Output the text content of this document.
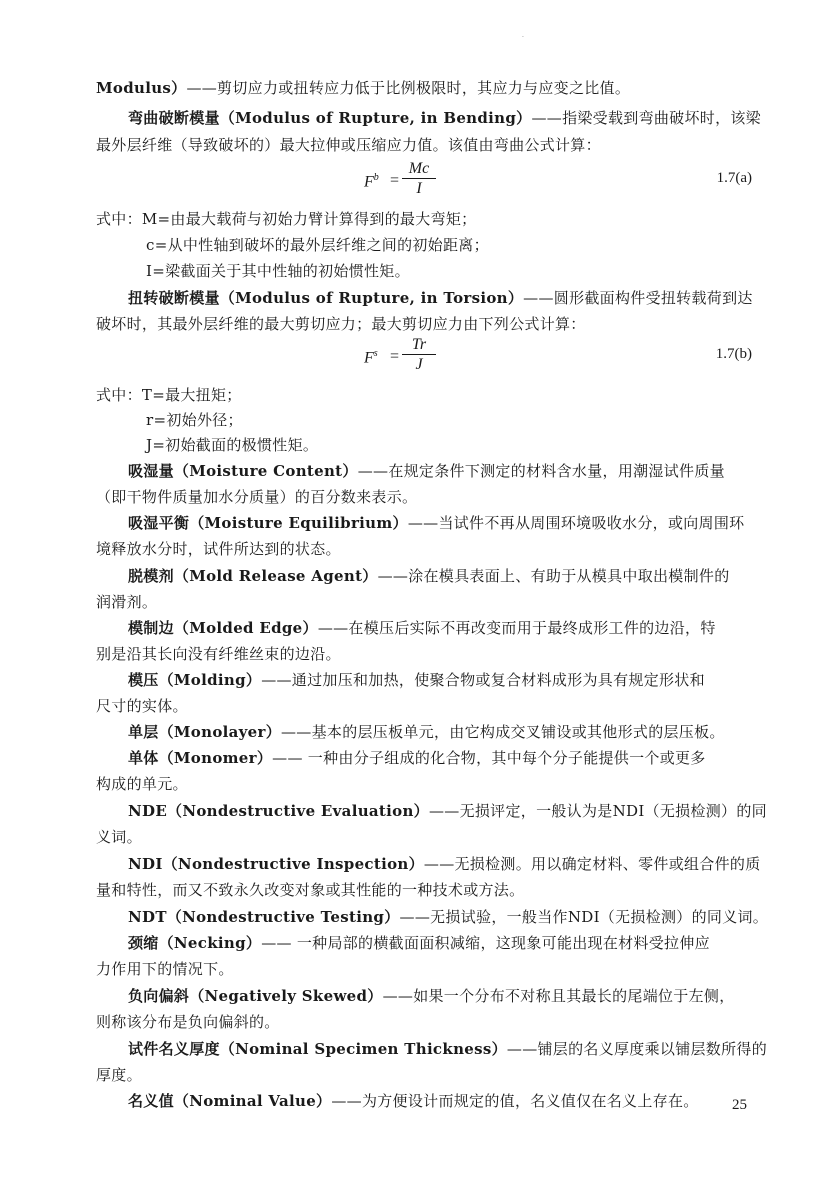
·
Modulus）——剪切应力或扭转应力低于比例极限时，其应力与应变之比值。
弯曲破断模量（Modulus of Rupture, in Bending）——指梁受载到弯曲破坏时，该梁
最外层纤维（导致破坏的）最大拉伸或压缩应力值。该值由弯曲公式计算：
$F^b = \frac{Mc}{I}$	1.7(a)
式中：M=由最大载荷与初始力臂计算得到的最大弯矩；
c=从中性轴到破坏的最外层纤维之间的初始距离；
I=梁截面关于其中性轴的初始惯性矩。
扭转破断模量（Modulus of Rupture, in Torsion）——圆形截面构件受扭转载荷到达
破坏时，其最外层纤维的最大剪切应力；最大剪切应力由下列公式计算：
$F^s = \frac{Tr}{J}$	1.7(b)
式中：T=最大扭矩；
r=初始外径；
J=初始截面的极惯性矩。
吸湿量（Moisture Content）——在规定条件下测定的材料含水量，用潮湿试件质量
（即干物件质量加水分质量）的百分数来表示。
吸湿平衡（Moisture Equilibrium）——当试件不再从周围环境吸收水分，或向周围环
境释放水分时，试件所达到的状态。
脱模剂（Mold Release Agent）——涂在模具表面上、有助于从模具中取出模制件的
润滑剂。
模制边（Molded Edge）——在模压后实际不再改变而用于最终成形工件的边沿，特
别是沿其长向没有纤维丝束的边沿。
模压（Molding）——通过加压和加热，使聚合物或复合材料成形为具有规定形状和
尺寸的实体。
单层（Monolayer）——基本的层压板单元，由它构成交叉铺设或其他形式的层压板。
单体（Monomer）—— 一种由分子组成的化合物，其中每个分子能提供一个或更多
构成的单元。
NDE（Nondestructive Evaluation）——无损评定，一般认为是NDI（无损检测）的同
义词。
NDI（Nondestructive Inspection）——无损检测。用以确定材料、零件或组合件的质
量和特性，而又不致永久改变对象或其性能的一种技术或方法。
NDT（Nondestructive Testing）——无损试验，一般当作NDI（无损检测）的同义词。
颈缩（Necking）—— 一种局部的横截面面积减缩，这现象可能出现在材料受拉伸应
力作用下的情况下。
负向偏斜（Negatively Skewed）——如果一个分布不对称且其最长的尾端位于左侧，
则称该分布是负向偏斜的。
试件名义厚度（Nominal Specimen Thickness）——铺层的名义厚度乘以铺层数所得的
厚度。
名义值（Nominal Value）——为方便设计而规定的值，名义值仅在名义上存在。	25
